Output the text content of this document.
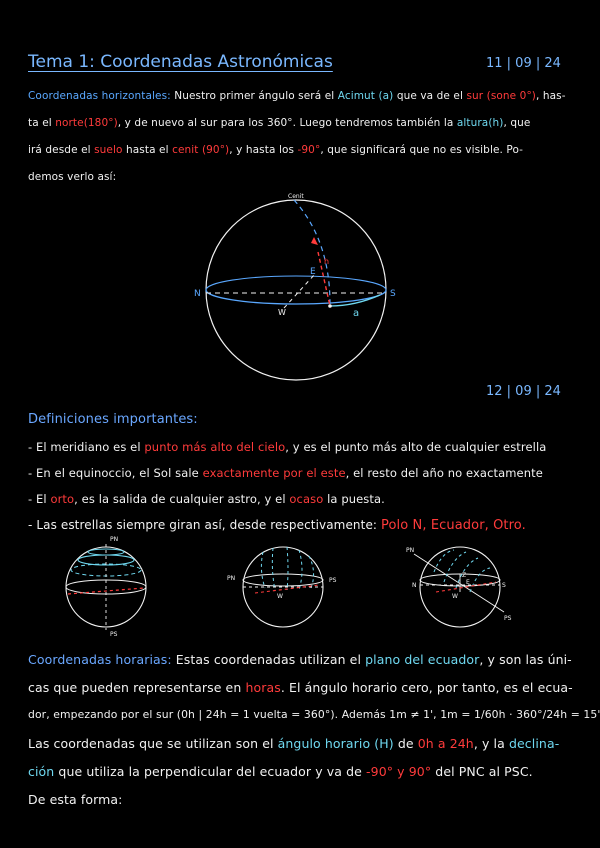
Tema 1: Coordenadas Astronómicas	11 | 09 | 24
Coordenadas horizontales: Nuestro primer ángulo será el Acimut (a) que va de el sur (sone 0°), has-
ta el norte(180°), y de nuevo al sur para los 360°. Luego tendremos también la altura(h), que
irá desde el suelo hasta el cenit (90°), y hasta los -90°, que significará que no es visible. Po-
demos verlo así:
Cenit
N	S
E
W
h
a
12 | 09 | 24
Definiciones importantes:
- El meridiano es el punto más alto del cielo, y es el punto más alto de cualquier estrella
- En el equinoccio, el Sol sale exactamente por el este, el resto del año no exactamente
- El orto, es la salida de cualquier astro, y el ocaso la puesta.
- Las estrellas siempre giran así, desde respectivamente: Polo N, Ecuador, Otro.
PN
PS
PN	PS
W
PN
PS
N	S
W
Z
E
Coordenadas horarias: Estas coordenadas utilizan el plano del ecuador, y son las úni-
cas que pueden representarse en horas. El ángulo horario cero, por tanto, es el ecua-
dor, empezando por el sur (0h | 24h = 1 vuelta = 360°). Además 1m ≠ 1', 1m = 1/60h · 360°/24h = 15'
Las coordenadas que se utilizan son el ángulo horario (H) de 0h a 24h, y la declina-
ción que utiliza la perpendicular del ecuador y va de -90° y 90° del PNC al PSC.
De esta forma:
